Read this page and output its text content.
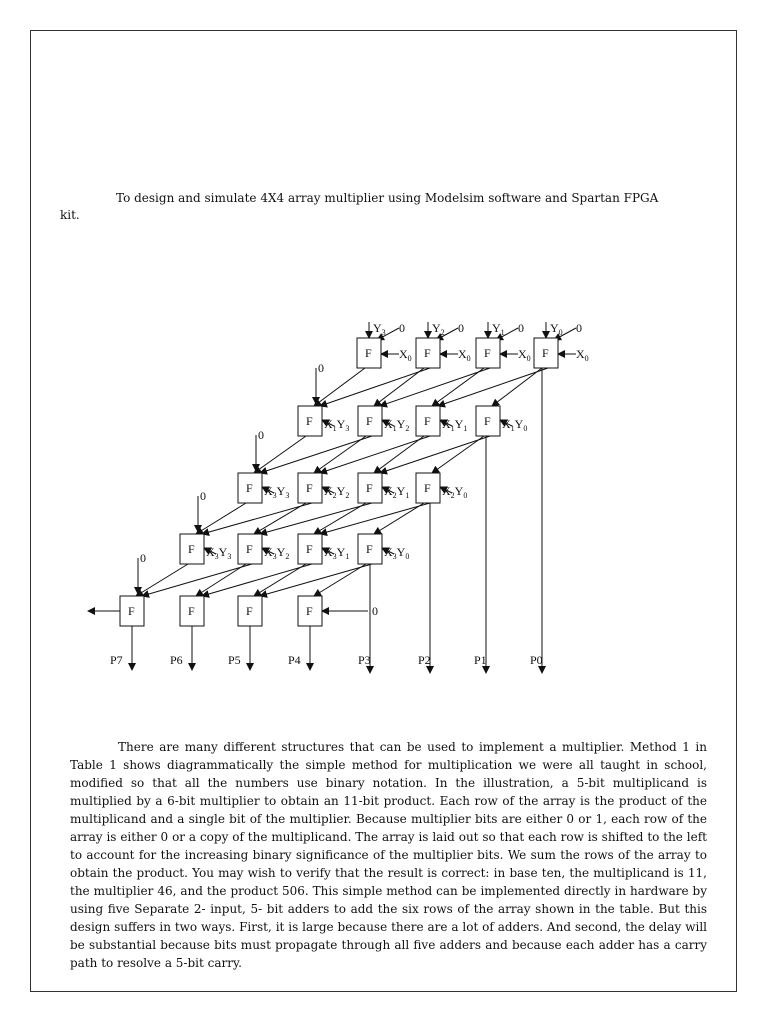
To design and simulate 4X4 array multiplier using Modelsim software and Spartan FPGA kit.

F	F	F	F
F	F	F	F
F	F	F	F
F	F	F	F
F	F	F	F
$Y_3$ 0 $Y_2$ 0 $Y_1$ 0 $Y_0$ 0
$X_0$	$X_0$	$X_0$	$X_0$
$X_1Y_3$	$X_1Y_2$	$X_1Y_1$	$X_1Y_0$
$X_3Y_3$	$X_2Y_2$	$X_2Y_1$	$X_2Y_0$
$X_3Y_3$	$X_3Y_2$	$X_3Y_1$	$X_3Y_0$
0
0
0
0
0
P7	P6	P5	P4	P3	P2	P1	P0

There are many different structures that can be used to implement a multiplier. Method 1 in Table 1 shows diagrammatically the simple method for multiplication we were all taught in school, modified so that all the numbers use binary notation. In the illustration, a 5-bit multiplicand is multiplied by a 6-bit multiplier to obtain an 11-bit product. Each row of the array is the product of the multiplicand and a single bit of the multiplier. Because multiplier bits are either 0 or 1, each row of the array is either 0 or a copy of the multiplicand. The array is laid out so that each row is shifted to the left to account for the increasing binary significance of the multiplier bits. We sum the rows of the array to obtain the product. You may wish to verify that the result is correct: in base ten, the multiplicand is 11, the multiplier 46, and the product 506. This simple method can be implemented directly in hardware by using five Separate 2- input, 5- bit adders to add the six rows of the array shown in the table. But this design suffers in two ways. First, it is large because there are a lot of adders. And second, the delay will be substantial because bits must propagate through all five adders and because each adder has a carry path to resolve a 5-bit carry.
